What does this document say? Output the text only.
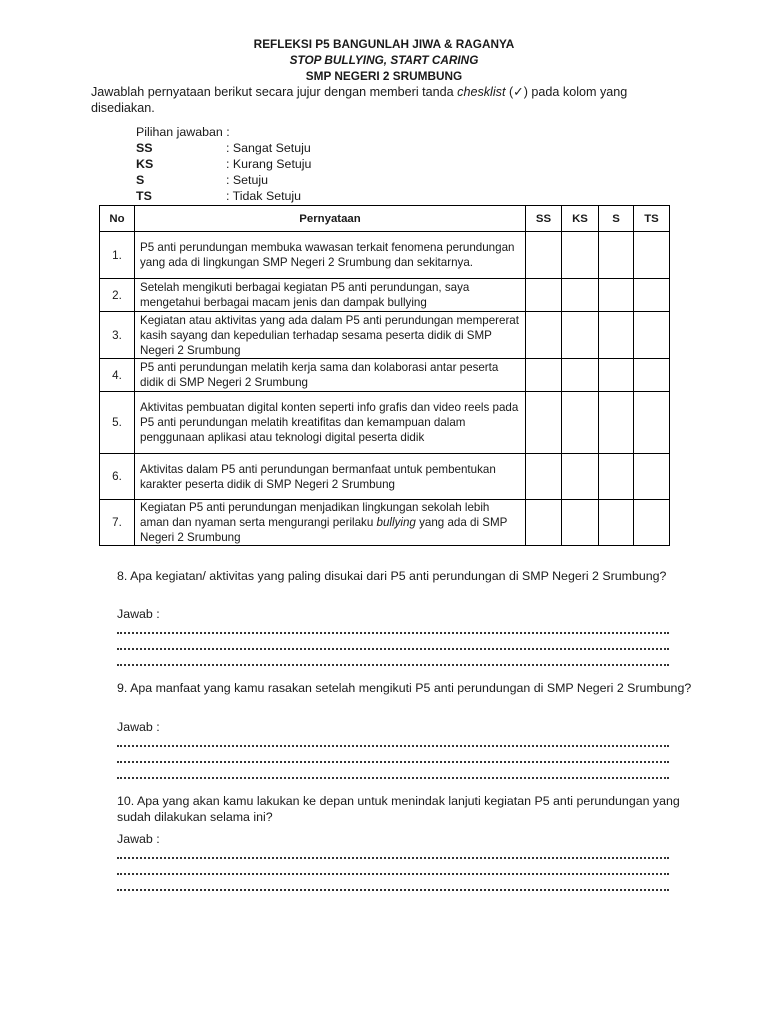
REFLEKSI P5 BANGUNLAH JIWA & RAGANYA
STOP BULLYING, START CARING
SMP NEGERI 2 SRUMBUNG
Jawablah pernyataan berikut secara jujur dengan memberi tanda chesklist (✓) pada kolom yang disediakan.
Pilihan jawaban :
SS	: Sangat Setuju
KS	: Kurang Setuju
S	: Setuju
TS	: Tidak Setuju
No	Pernyataan	SS	KS	S	TS
1.	P5 anti perundungan membuka wawasan terkait fenomena perundungan yang ada di lingkungan SMP Negeri 2 Srumbung dan sekitarnya.				
2.	Setelah mengikuti berbagai kegiatan P5 anti perundungan, saya mengetahui berbagai macam jenis dan dampak bullying				
3.	Kegiatan atau aktivitas yang ada dalam P5 anti perundungan mempererat kasih sayang dan kepedulian terhadap sesama peserta didik di SMP Negeri 2 Srumbung				
4.	P5 anti perundungan melatih kerja sama dan kolaborasi antar peserta didik di SMP Negeri 2 Srumbung				
5.	Aktivitas pembuatan digital konten seperti info grafis dan video reels pada P5 anti perundungan melatih kreatifitas dan kemampuan dalam penggunaan aplikasi atau teknologi digital peserta didik				
6.	Aktivitas dalam P5 anti perundungan bermanfaat untuk pembentukan karakter peserta didik di SMP Negeri 2 Srumbung				
7.	Kegiatan P5 anti perundungan menjadikan lingkungan sekolah lebih aman dan nyaman serta mengurangi perilaku bullying yang ada di SMP Negeri 2 Srumbung				
8. Apa kegiatan/ aktivitas yang paling disukai dari P5 anti perundungan di SMP Negeri 2 Srumbung?
Jawab :
9. Apa manfaat yang kamu rasakan setelah mengikuti P5 anti perundungan di SMP Negeri 2 Srumbung?
Jawab :
10. Apa yang akan kamu lakukan ke depan untuk menindak lanjuti kegiatan P5 anti perundungan yang sudah dilakukan selama ini?
Jawab :
